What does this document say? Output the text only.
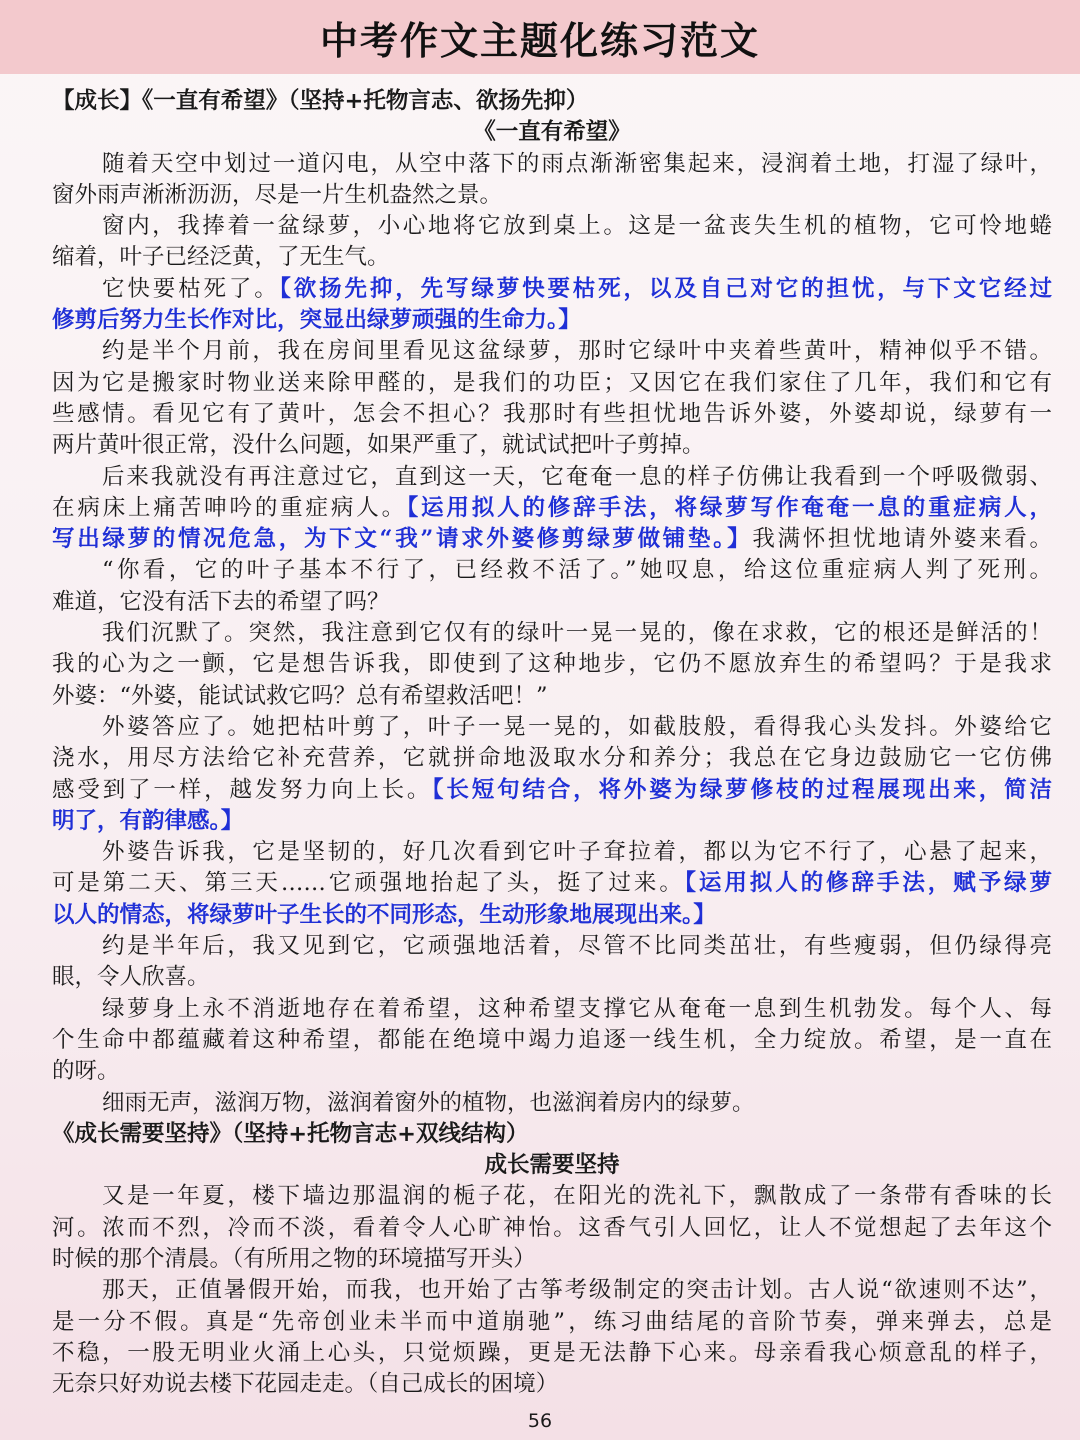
中考作文主题化练习范文
【成长】《一直有希望》（坚持+托物言志、欲扬先抑）
《一直有希望》
随着天空中划过一道闪电，从空中落下的雨点渐渐密集起来，浸润着土地，打湿了绿叶，
窗外雨声淅淅沥沥，尽是一片生机盎然之景。
窗内，我捧着一盆绿萝，小心地将它放到桌上。这是一盆丧失生机的植物，它可怜地蜷
缩着，叶子已经泛黄，了无生气。
它快要枯死了。【欲扬先抑，先写绿萝快要枯死，以及自己对它的担忧，与下文它经过
修剪后努力生长作对比，突显出绿萝顽强的生命力。】
约是半个月前，我在房间里看见这盆绿萝，那时它绿叶中夹着些黄叶，精神似乎不错。
因为它是搬家时物业送来除甲醛的，是我们的功臣；又因它在我们家住了几年，我们和它有
些感情。看见它有了黄叶，怎会不担心？我那时有些担忧地告诉外婆，外婆却说，绿萝有一
两片黄叶很正常，没什么问题，如果严重了，就试试把叶子剪掉。
后来我就没有再注意过它，直到这一天，它奄奄一息的样子仿佛让我看到一个呼吸微弱、
在病床上痛苦呻吟的重症病人。【运用拟人的修辞手法，将绿萝写作奄奄一息的重症病人，
写出绿萝的情况危急，为下文“我”请求外婆修剪绿萝做铺垫。】我满怀担忧地请外婆来看。
“你看，它的叶子基本不行了，已经救不活了。”她叹息，给这位重症病人判了死刑。
难道，它没有活下去的希望了吗？
我们沉默了。突然，我注意到它仅有的绿叶一晃一晃的，像在求救，它的根还是鲜活的！
我的心为之一颤，它是想告诉我，即使到了这种地步，它仍不愿放弃生的希望吗？于是我求
外婆：“外婆，能试试救它吗？总有希望救活吧！”
外婆答应了。她把枯叶剪了，叶子一晃一晃的，如截肢般，看得我心头发抖。外婆给它
浇水，用尽方法给它补充营养，它就拼命地汲取水分和养分；我总在它身边鼓励它一它仿佛
感受到了一样，越发努力向上长。【长短句结合，将外婆为绿萝修枝的过程展现出来，简洁
明了，有韵律感。】
外婆告诉我，它是坚韧的，好几次看到它叶子耷拉着，都以为它不行了，心悬了起来，
可是第二天、第三天……它顽强地抬起了头，挺了过来。【运用拟人的修辞手法，赋予绿萝
以人的情态，将绿萝叶子生长的不同形态，生动形象地展现出来。】
约是半年后，我又见到它，它顽强地活着，尽管不比同类茁壮，有些瘦弱，但仍绿得亮
眼，令人欣喜。
绿萝身上永不消逝地存在着希望，这种希望支撑它从奄奄一息到生机勃发。每个人、每
个生命中都蕴藏着这种希望，都能在绝境中竭力追逐一线生机，全力绽放。希望，是一直在
的呀。
细雨无声，滋润万物，滋润着窗外的植物，也滋润着房内的绿萝。
《成长需要坚持》（坚持+托物言志+双线结构）
成长需要坚持
又是一年夏，楼下墙边那温润的栀子花，在阳光的洗礼下，飘散成了一条带有香味的长
河。浓而不烈，冷而不淡，看着令人心旷神怡。这香气引人回忆，让人不觉想起了去年这个
时候的那个清晨。（有所用之物的环境描写开头）
那天，正值暑假开始，而我，也开始了古筝考级制定的突击计划。古人说“欲速则不达”，
是一分不假。真是“先帝创业未半而中道崩驰”，练习曲结尾的音阶节奏，弹来弹去，总是
不稳，一股无明业火涌上心头，只觉烦躁，更是无法静下心来。母亲看我心烦意乱的样子，
无奈只好劝说去楼下花园走走。（自己成长的困境）
56
